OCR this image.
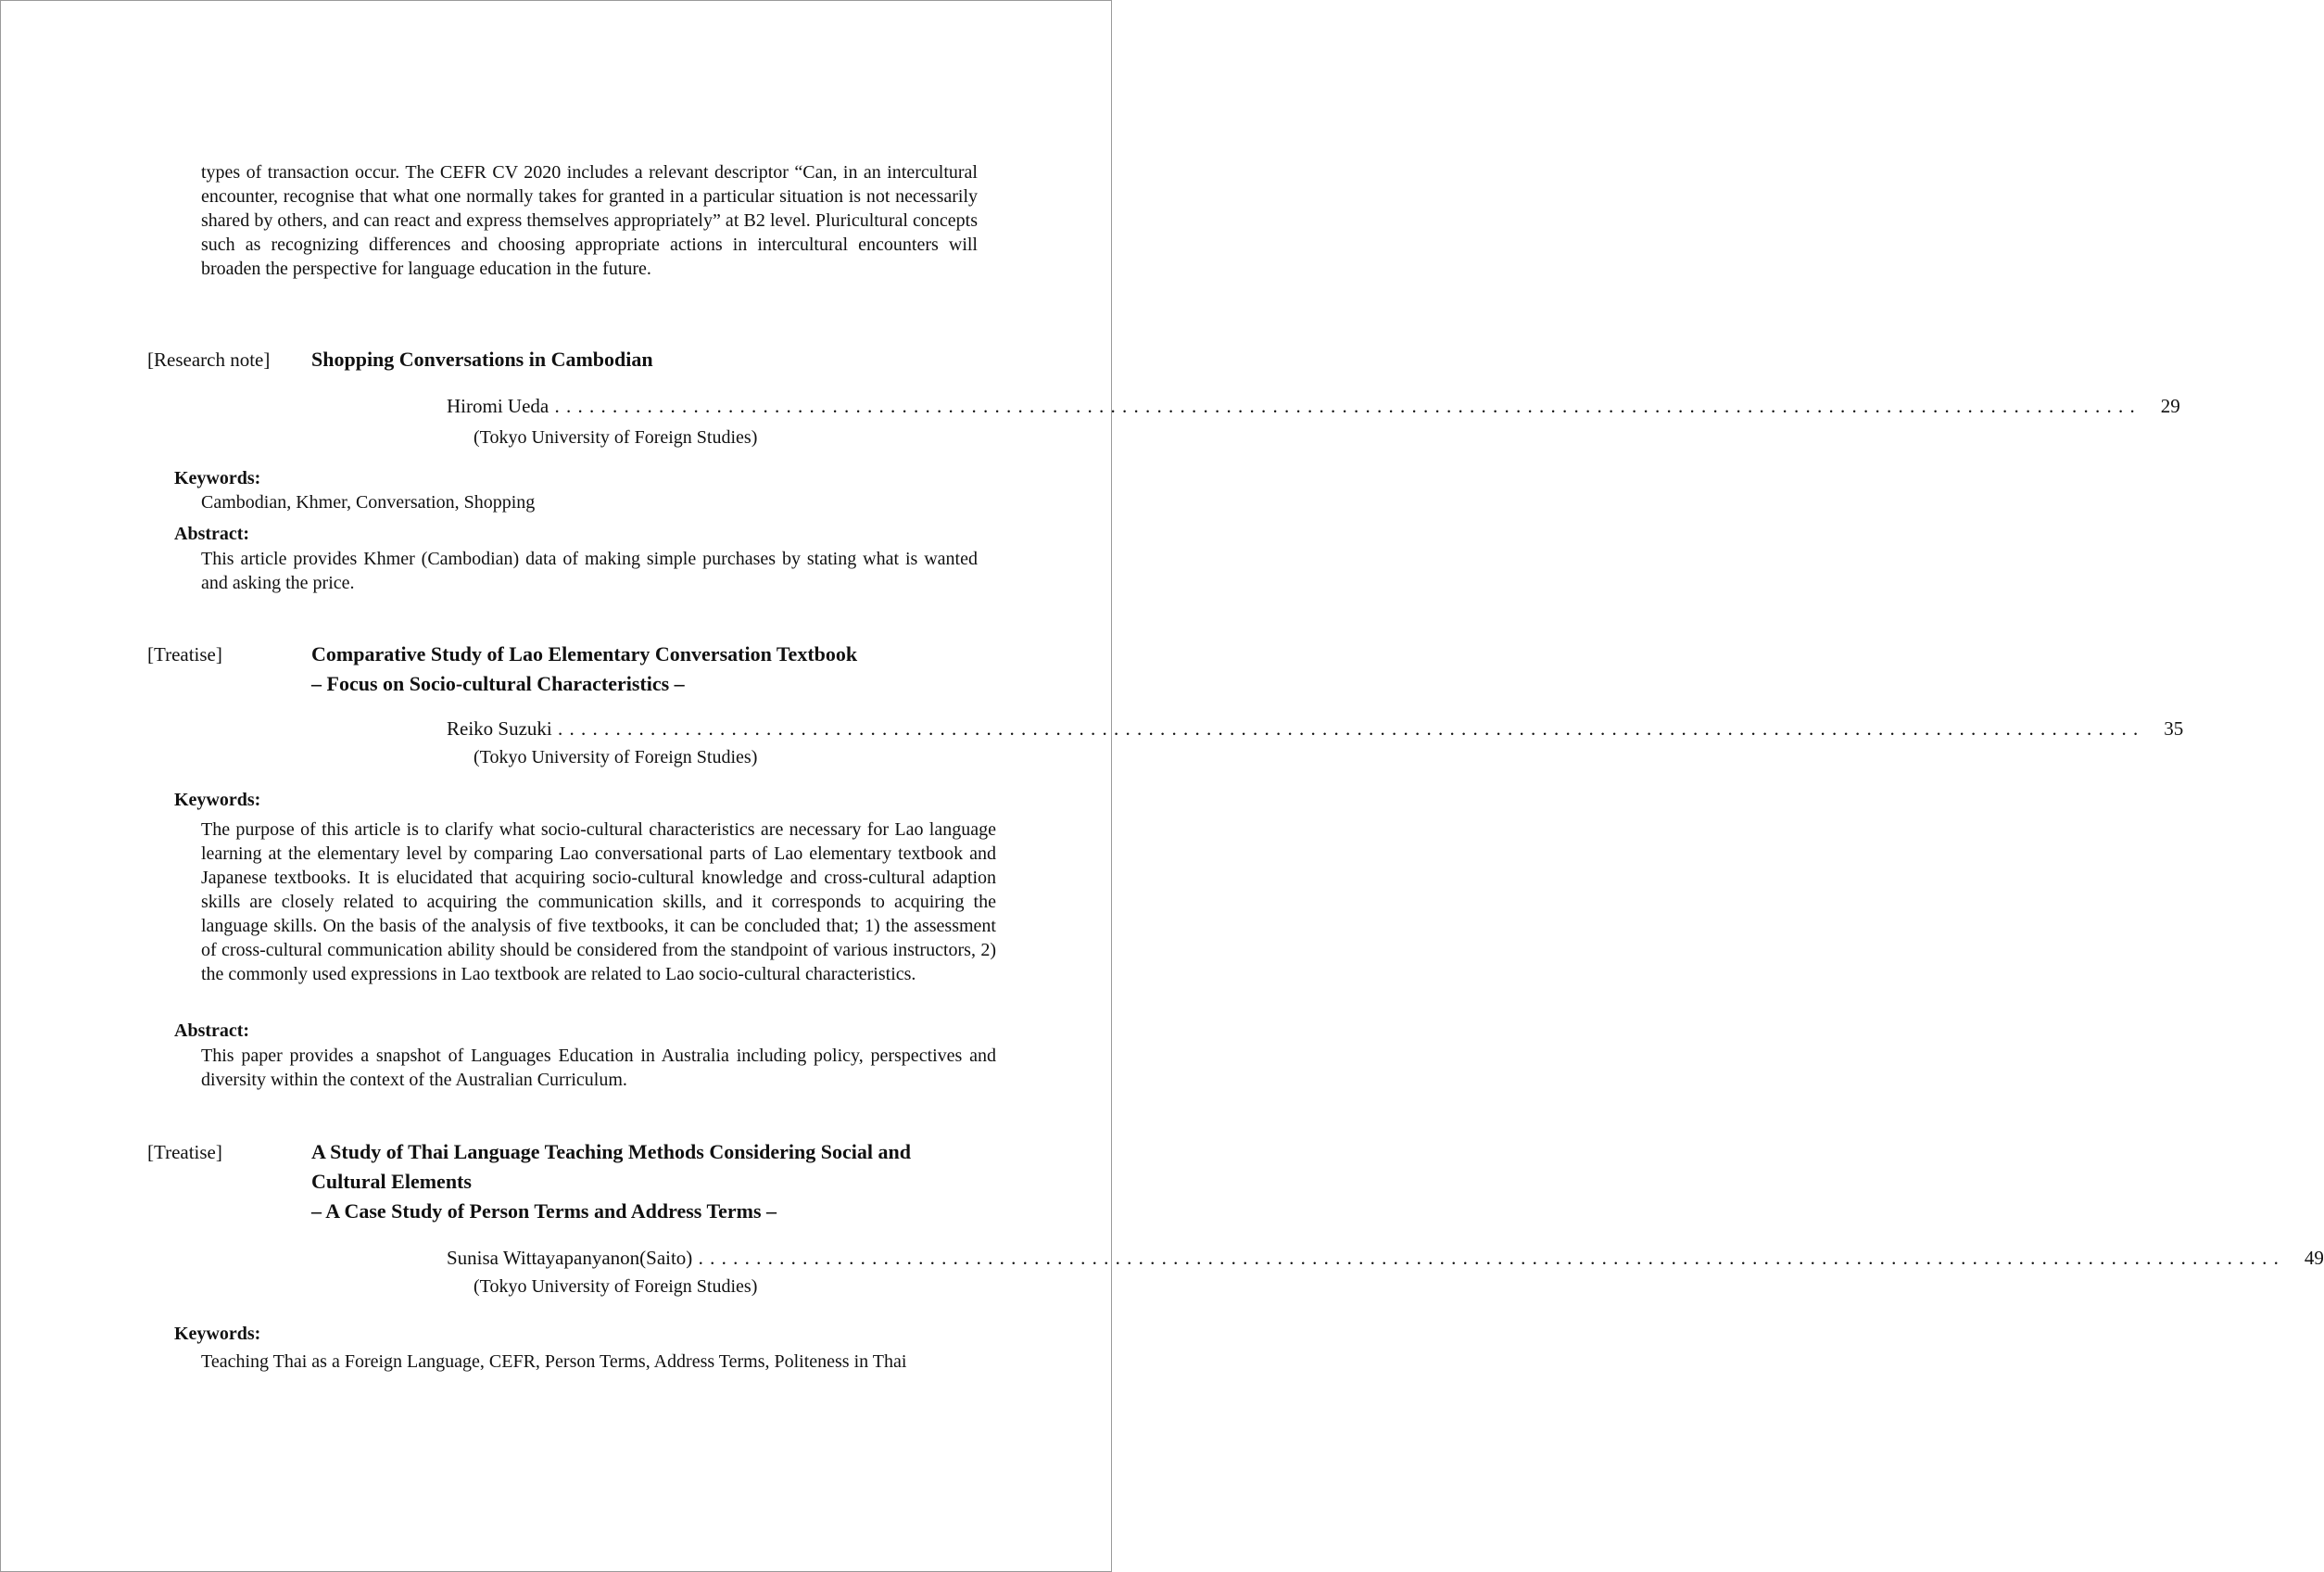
types of transaction occur. The CEFR CV 2020 includes a relevant descriptor “Can, in an intercultural encounter, recognise that what one normally takes for granted in a particular situation is not necessarily shared by others, and can react and express themselves appropriately” at B2 level. Pluricultural concepts such as recognizing differences and choosing appropriate actions in intercultural encounters will broaden the perspective for language education in the future.

[Research note] Shopping Conversations in Cambodian
Hiromi Ueda . . . . . . . . . . . . . . . . . . . . . . . . . . . . . . . . . . . . . . . . . . . . . . . . . . . . . . . . . . . . . . . . . . . . . . . . . . . . . . . . . . . . . . . . . . . . . . . . . . . . . . . . . . . . . . . . . . . . . . . . . . . . . . . . . . . . . . . . .	29
(Tokyo University of Foreign Studies)
Keywords:

Cambodian, Khmer, Conversation, Shopping

Abstract:

This article provides Khmer (Cambodian) data of making simple purchases by stating what is wanted and asking the price.

[Treatise]	Comparative Study of Lao Elementary Conversation Textbook
– Focus on Socio-cultural Characteristics –
Reiko Suzuki . . . . . . . . . . . . . . . . . . . . . . . . . . . . . . . . . . . . . . . . . . . . . . . . . . . . . . . . . . . . . . . . . . . . . . . . . . . . . . . . . . . . . . . . . . . . . . . . . . . . . . . . . . . . . . . . . . . . . . . . . . . . . . . . . . . . . . . . .	35
(Tokyo University of Foreign Studies)
Keywords:

The purpose of this article is to clarify what socio-cultural characteristics are necessary for Lao language learning at the elementary level by comparing Lao conversational parts of Lao elementary textbook and Japanese textbooks. It is elucidated that acquiring socio-cultural knowledge and cross-cultural adaption skills are closely related to acquiring the communication skills, and it corresponds to acquiring the language skills. On the basis of the analysis of five textbooks, it can be concluded that; 1) the assessment of cross-cultural communication ability should be considered from the standpoint of various instructors, 2) the commonly used expressions in Lao textbook are related to Lao socio-cultural characteristics.

Abstract:

This paper provides a snapshot of Languages Education in Australia including policy, perspectives and diversity within the context of the Australian Curriculum.

[Treatise]	A Study of Thai Language Teaching Methods Considering Social and
Cultural Elements
– A Case Study of Person Terms and Address Terms –
Sunisa Wittayapanyanon(Saito) . . . . . . . . . . . . . . . . . . . . . . . . . . . . . . . . . . . . . . . . . . . . . . . . . . . . . . . . . . . . . . . . . . . . . . . . . . . . . . . . . . . . . . . . . . . . . . . . . . . . . . . . . . . . . . . . . . . . . . . . . . . . . . . . . . . . . . . . .	49
(Tokyo University of Foreign Studies)
Keywords:

Teaching Thai as a Foreign Language, CEFR, Person Terms, Address Terms, Politeness in Thai
